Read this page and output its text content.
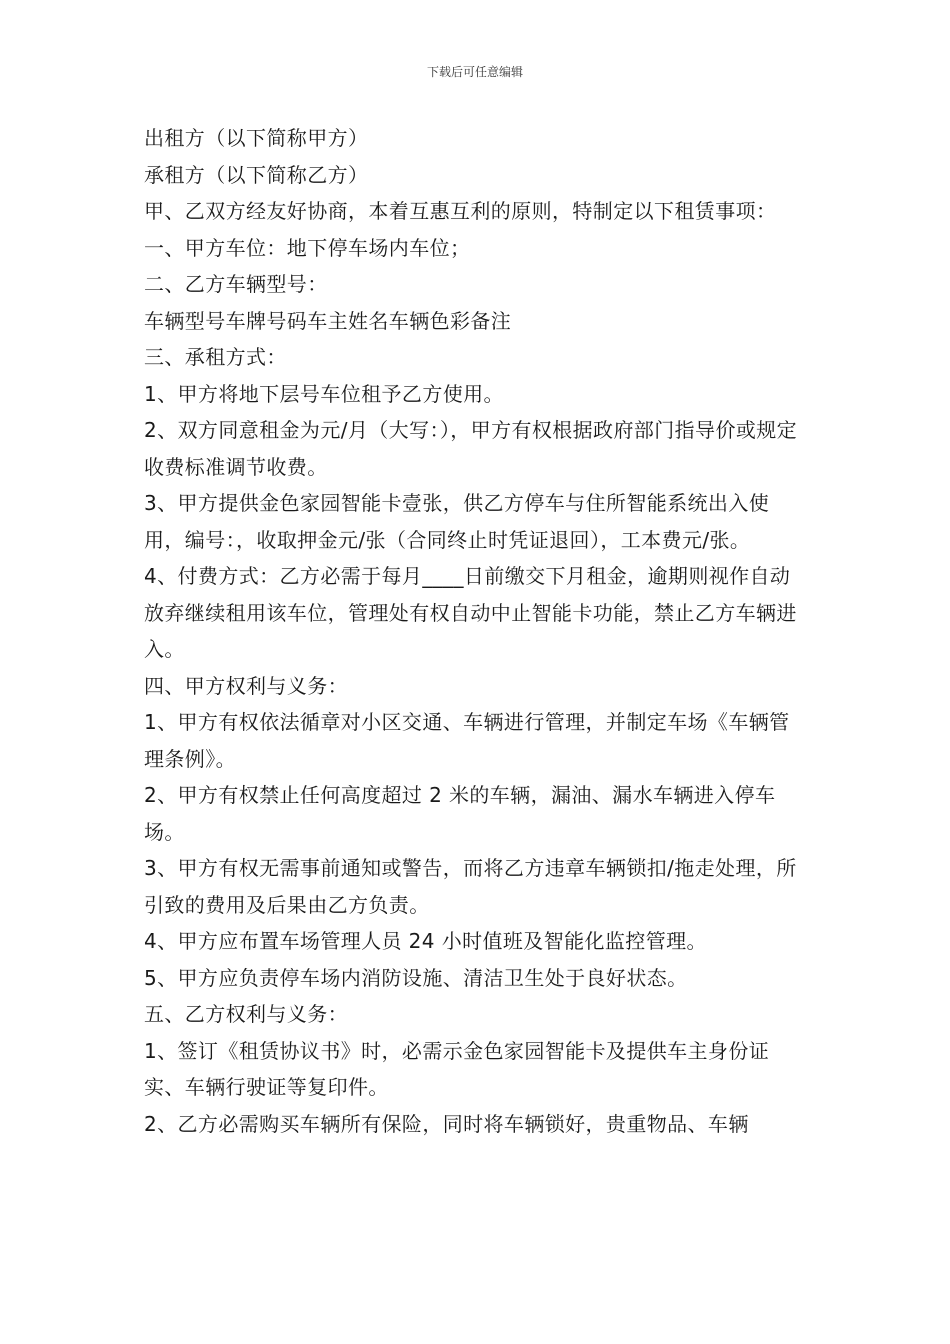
下载后可任意编辑

出租方（以下简称甲方）

承租方（以下简称乙方）

甲、乙双方经友好协商，本着互惠互利的原则，特制定以下租赁事项：

一、甲方车位：地下停车场内车位；

二、乙方车辆型号：

车辆型号车牌号码车主姓名车辆色彩备注

三、承租方式：

1、甲方将地下层号车位租予乙方使用。

2、双方同意租金为元/月（大写：），甲方有权根据政府部门指导价或规定收费标准调节收费。

3、甲方提供金色家园智能卡壹张，供乙方停车与住所智能系统出入使用，编号：，收取押金元/张（合同终止时凭证退回），工本费元/张。

4、付费方式：乙方必需于每月____日前缴交下月租金，逾期则视作自动放弃继续租用该车位，管理处有权自动中止智能卡功能，禁止乙方车辆进入。

四、甲方权利与义务：

1、甲方有权依法循章对小区交通、车辆进行管理，并制定车场《车辆管理条例》。

2、甲方有权禁止任何高度超过 2 米的车辆，漏油、漏水车辆进入停车场。

3、甲方有权无需事前通知或警告，而将乙方违章车辆锁扣/拖走处理，所引致的费用及后果由乙方负责。

4、甲方应布置车场管理人员 24 小时值班及智能化监控管理。

5、甲方应负责停车场内消防设施、清洁卫生处于良好状态。

五、乙方权利与义务：

1、签订《租赁协议书》时，必需示金色家园智能卡及提供车主身份证实、车辆行驶证等复印件。

2、乙方必需购买车辆所有保险，同时将车辆锁好，贵重物品、车辆
